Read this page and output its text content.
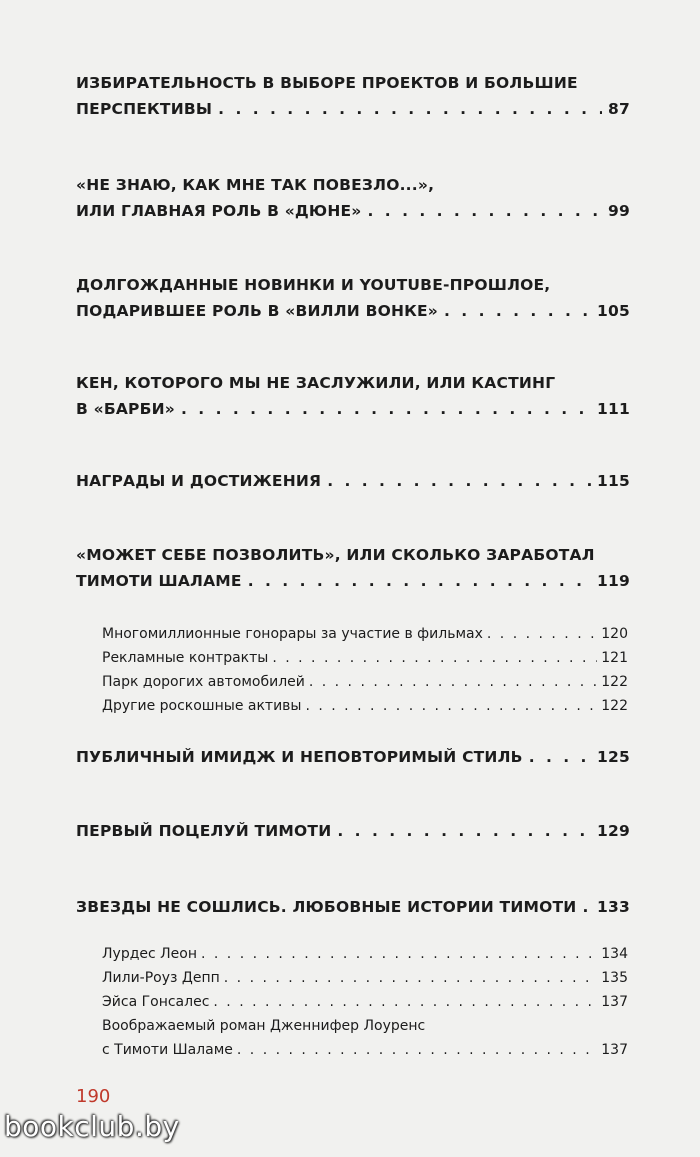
ИЗБИРАТЕЛЬНОСТЬ В ВЫБОРЕ ПРОЕКТОВ И БОЛЬШИЕ
ПЕРСПЕКТИВЫ . . .	87
«НЕ ЗНАЮ, КАК МНЕ ТАК ПОВЕЗЛО...»,
ИЛИ ГЛАВНАЯ РОЛЬ В «ДЮНЕ» . . .	99
ДОЛГОЖДАННЫЕ НОВИНКИ И YOUTUBE-ПРОШЛОЕ,
ПОДАРИВШЕЕ РОЛЬ В «ВИЛЛИ ВОНКЕ» . . .	105
КЕН, КОТОРОГО МЫ НЕ ЗАСЛУЖИЛИ, ИЛИ КАСТИНГ
В «БАРБИ» . . .	111
НАГРАДЫ И ДОСТИЖЕНИЯ . . .	115
«МОЖЕТ СЕБЕ ПОЗВОЛИТЬ», ИЛИ СКОЛЬКО ЗАРАБОТАЛ
ТИМОТИ ШАЛАМЕ . . .	119
Многомиллионные гонорары за участие в фильмах . . .	120
Рекламные контракты . . .	121
Парк дорогих автомобилей . . .	122
Другие роскошные активы . . .	122
ПУБЛИЧНЫЙ ИМИДЖ И НЕПОВТОРИМЫЙ СТИЛЬ . . .	125
ПЕРВЫЙ ПОЦЕЛУЙ ТИМОТИ . . .	129
ЗВЕЗДЫ НЕ СОШЛИСЬ. ЛЮБОВНЫЕ ИСТОРИИ ТИМОТИ . . . 133
Лурдес Леон . . .	134
Лили-Роуз Депп . . .	135
Эйса Гонсалес . . .	137
Воображаемый роман Дженнифер Лоуренс
с Тимоти Шаламе . . .	137
190
bookclub.by
